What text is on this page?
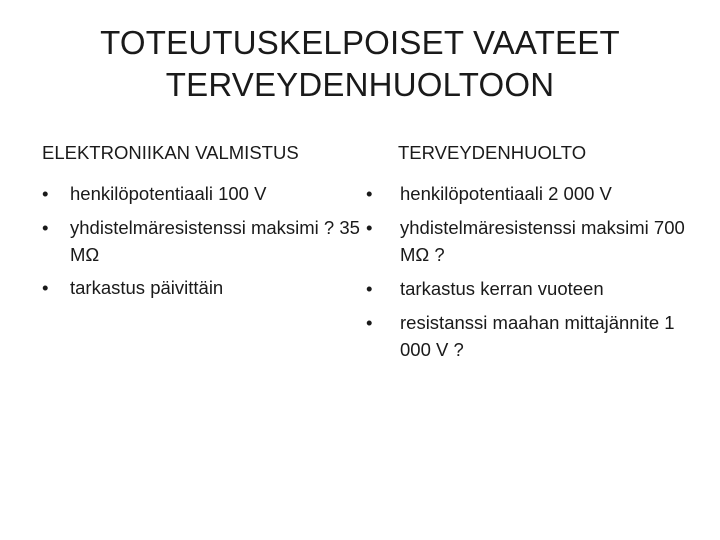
TOTEUTUSKELPOISET VAATEET
TERVEYDENHUOLTOON
ELEKTRONIIKAN VALMISTUS
•	henkilöpotentiaali 100 V
•	yhdistelmäresistenssi maksimi ? 35 MΩ
•	tarkastus päivittäin
TERVEYDENHUOLTO
•	henkilöpotentiaali 2 000 V
•	yhdistelmäresistenssi maksimi 700 MΩ ?
•	tarkastus kerran vuoteen
•	resistanssi maahan mittajännite 1 000 V ?
